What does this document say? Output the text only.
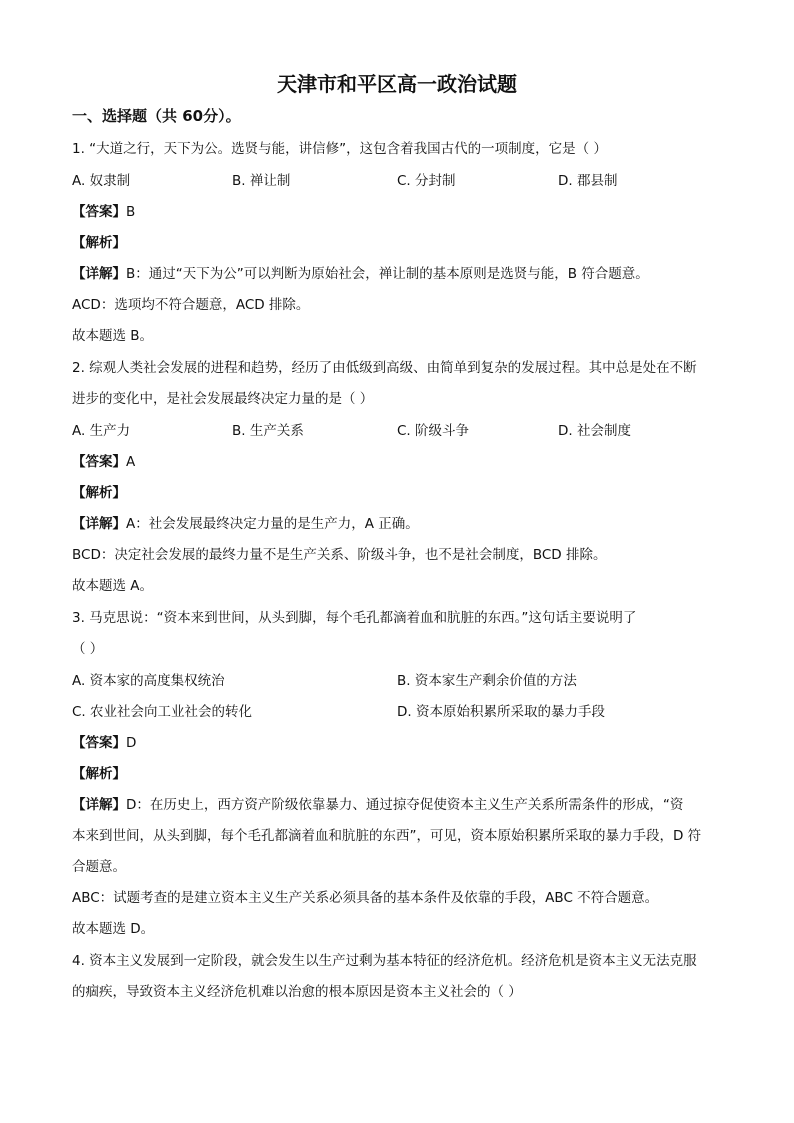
天津市和平区高一政治试题
一、选择题（共 60分）。
1. “大道之行，天下为公。选贤与能，讲信修”，这包含着我国古代的一项制度，它是（ ）
A. 奴隶制	B. 禅让制	C. 分封制	D. 郡县制
【答案】B
【解析】
【详解】B：通过“天下为公”可以判断为原始社会，禅让制的基本原则是选贤与能，B 符合题意。
ACD：选项均不符合题意，ACD 排除。
故本题选 B。
2. 综观人类社会发展的进程和趋势，经历了由低级到高级、由简单到复杂的发展过程。其中总是处在不断
进步的变化中，是社会发展最终决定力量的是（ ）
A. 生产力	B. 生产关系	C. 阶级斗争	D. 社会制度
【答案】A
【解析】
【详解】A：社会发展最终决定力量的是生产力，A 正确。
BCD：决定社会发展的最终力量不是生产关系、阶级斗争，也不是社会制度，BCD 排除。
故本题选 A。
3. 马克思说：“资本来到世间，从头到脚，每个毛孔都滴着血和肮脏的东西。”这句话主要说明了
（ ）
A. 资本家的高度集权统治	B. 资本家生产剩余价值的方法
C. 农业社会向工业社会的转化	D. 资本原始积累所采取的暴力手段
【答案】D
【解析】
【详解】D：在历史上，西方资产阶级依靠暴力、通过掠夺促使资本主义生产关系所需条件的形成，“资
本来到世间，从头到脚，每个毛孔都滴着血和肮脏的东西”，可见，资本原始积累所采取的暴力手段，D 符
合题意。
ABC：试题考查的是建立资本主义生产关系必须具备的基本条件及依靠的手段，ABC 不符合题意。
故本题选 D。
4. 资本主义发展到一定阶段，就会发生以生产过剩为基本特征的经济危机。经济危机是资本主义无法克服
的痼疾，导致资本主义经济危机难以治愈的根本原因是资本主义社会的（ ）
